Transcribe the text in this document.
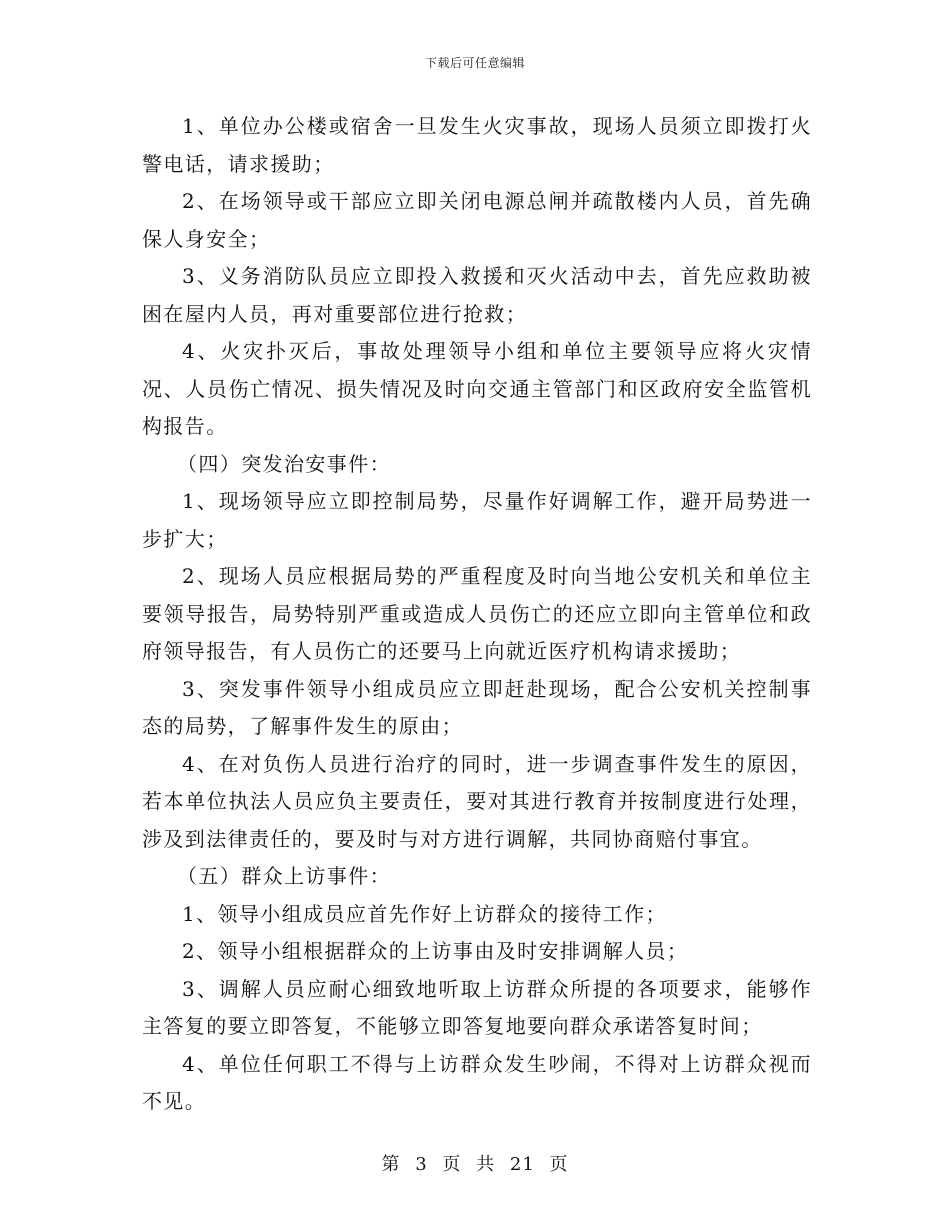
下载后可任意编辑

1、单位办公楼或宿舍一旦发生火灾事故，现场人员须立即拨打火警电话，请求援助；

2、在场领导或干部应立即关闭电源总闸并疏散楼内人员，首先确保人身安全；

3、义务消防队员应立即投入救援和灭火活动中去，首先应救助被困在屋内人员，再对重要部位进行抢救；

4、火灾扑灭后，事故处理领导小组和单位主要领导应将火灾情况、人员伤亡情况、损失情况及时向交通主管部门和区政府安全监管机构报告。

（四）突发治安事件：

1、现场领导应立即控制局势，尽量作好调解工作，避开局势进一步扩大；

2、现场人员应根据局势的严重程度及时向当地公安机关和单位主要领导报告，局势特别严重或造成人员伤亡的还应立即向主管单位和政府领导报告，有人员伤亡的还要马上向就近医疗机构请求援助；

3、突发事件领导小组成员应立即赶赴现场，配合公安机关控制事态的局势，了解事件发生的原由；

4、在对负伤人员进行治疗的同时，进一步调查事件发生的原因，若本单位执法人员应负主要责任，要对其进行教育并按制度进行处理，涉及到法律责任的，要及时与对方进行调解，共同协商赔付事宜。

（五）群众上访事件：

1、领导小组成员应首先作好上访群众的接待工作；

2、领导小组根据群众的上访事由及时安排调解人员；

3、调解人员应耐心细致地听取上访群众所提的各项要求，能够作主答复的要立即答复，不能够立即答复地要向群众承诺答复时间；

4、单位任何职工不得与上访群众发生吵闹，不得对上访群众视而不见。

第 3 页 共 21 页
